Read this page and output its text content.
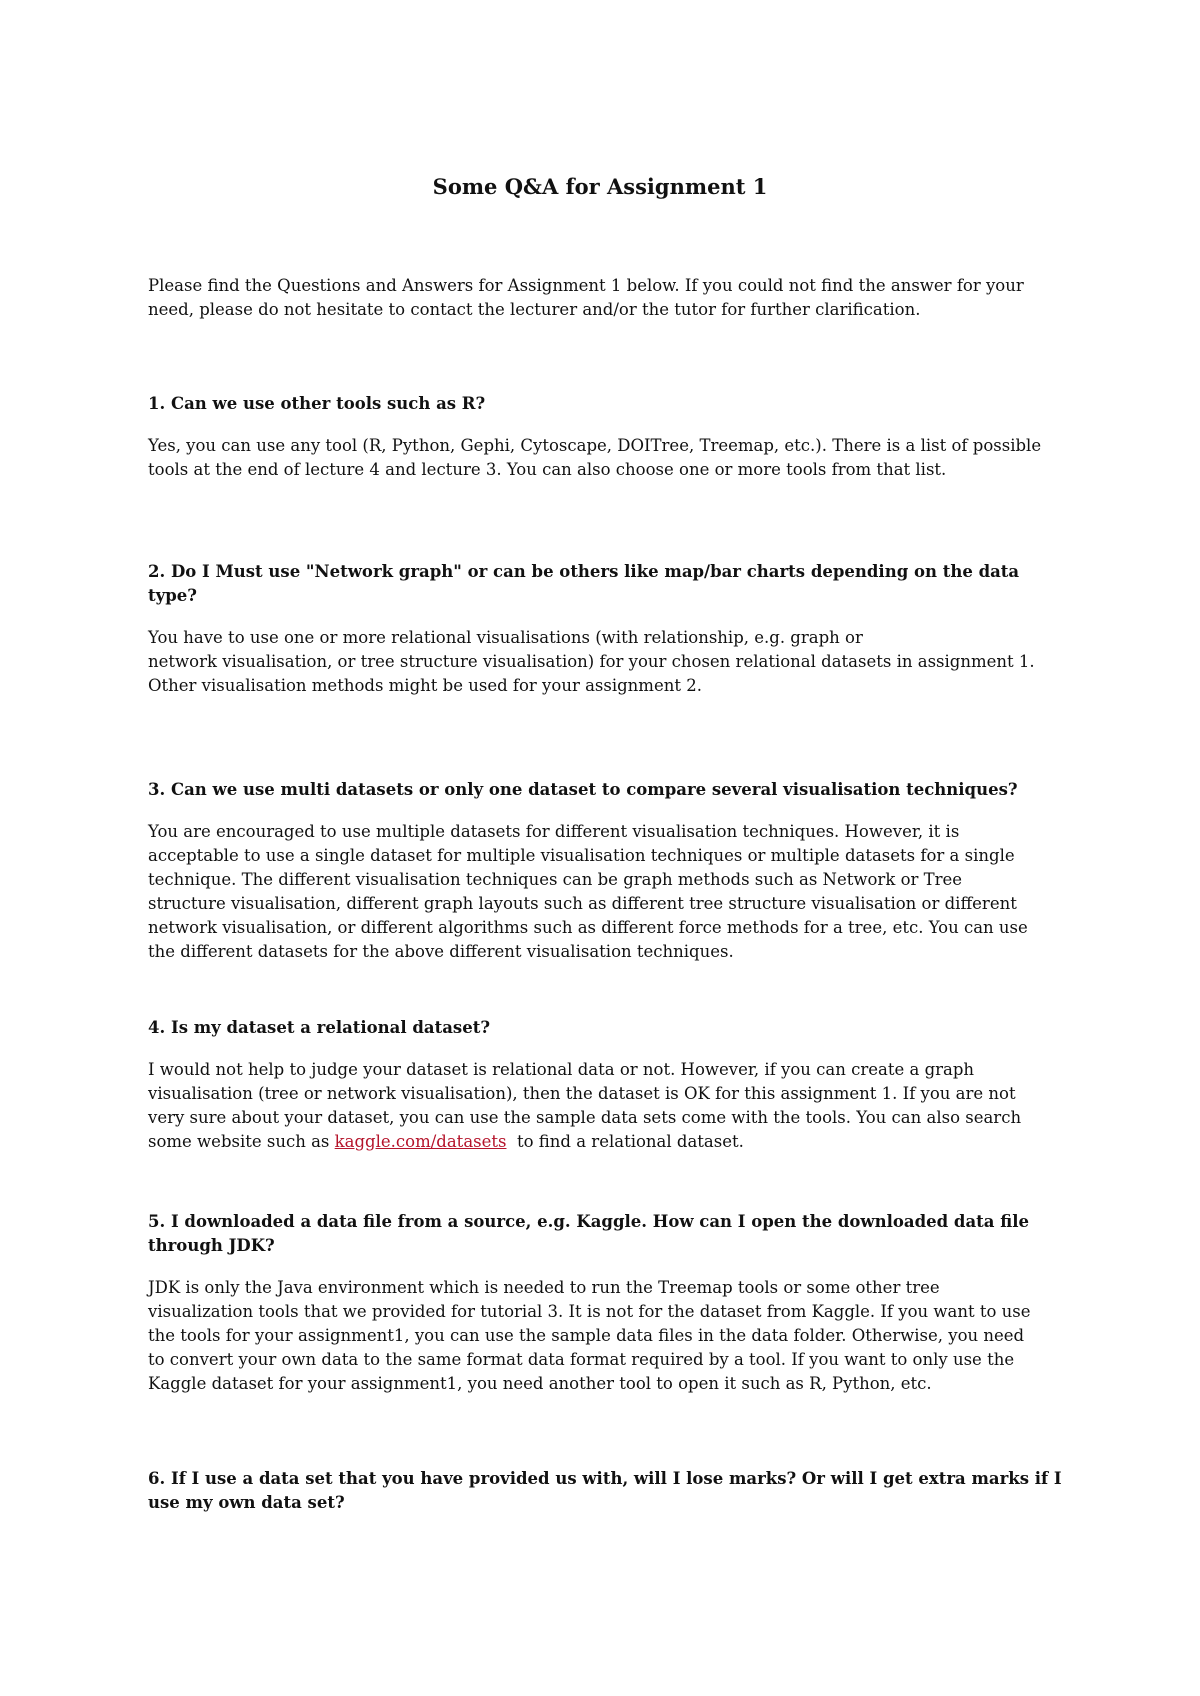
Some Q&A for Assignment 1
Please find the Questions and Answers for Assignment 1 below. If you could not find the answer for your
need, please do not hesitate to contact the lecturer and/or the tutor for further clarification.

1. Can we use other tools such as R?

Yes, you can use any tool (R, Python, Gephi, Cytoscape, DOITree, Treemap, etc.). There is a list of possible
tools at the end of lecture 4 and lecture 3. You can also choose one or more tools from that list.

2. Do I Must use "Network graph" or can be others like map/bar charts depending on the data type?

You have to use one or more relational visualisations (with relationship, e.g. graph or
network visualisation, or tree structure visualisation) for your chosen relational datasets in assignment 1.
Other visualisation methods might be used for your assignment 2.

3. Can we use multi datasets or only one dataset to compare several visualisation techniques?

You are encouraged to use multiple datasets for different visualisation techniques. However, it is
acceptable to use a single dataset for multiple visualisation techniques or multiple datasets for a single
technique. The different visualisation techniques can be graph methods such as Network or Tree
structure visualisation, different graph layouts such as different tree structure visualisation or different
network visualisation, or different algorithms such as different force methods for a tree, etc. You can use
the different datasets for the above different visualisation techniques.

4. Is my dataset a relational dataset?

I would not help to judge your dataset is relational data or not. However, if you can create a graph
visualisation (tree or network visualisation), then the dataset is OK for this assignment 1. If you are not
very sure about your dataset, you can use the sample data sets come with the tools. You can also search
some website such as kaggle.com/datasets  to find a relational dataset.

5. I downloaded a data file from a source, e.g. Kaggle. How can I open the downloaded data file through JDK?

JDK is only the Java environment which is needed to run the Treemap tools or some other tree
visualization tools that we provided for tutorial 3. It is not for the dataset from Kaggle. If you want to use
the tools for your assignment1, you can use the sample data files in the data folder. Otherwise, you need
to convert your own data to the same format data format required by a tool. If you want to only use the
Kaggle dataset for your assignment1, you need another tool to open it such as R, Python, etc.

6. If I use a data set that you have provided us with, will I lose marks? Or will I get extra marks if I use my own data set?
